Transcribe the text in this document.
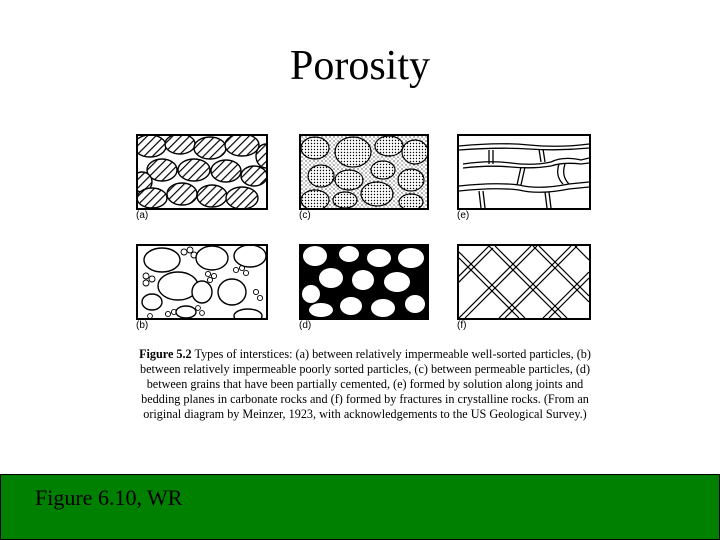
Porosity
(a)	(c)	(e)
(b)	(d)	(f)
Figure 5.2 Types of interstices: (a) between relatively impermeable well-sorted particles, (b) between relatively impermeable poorly sorted particles, (c) between permeable particles, (d) between grains that have been partially cemented, (e) formed by solution along joints and bedding planes in carbonate rocks and (f) formed by fractures in crystalline rocks. (From an original diagram by Meinzer, 1923, with acknowledgements to the US Geological Survey.)
Figure 6.10, WR
